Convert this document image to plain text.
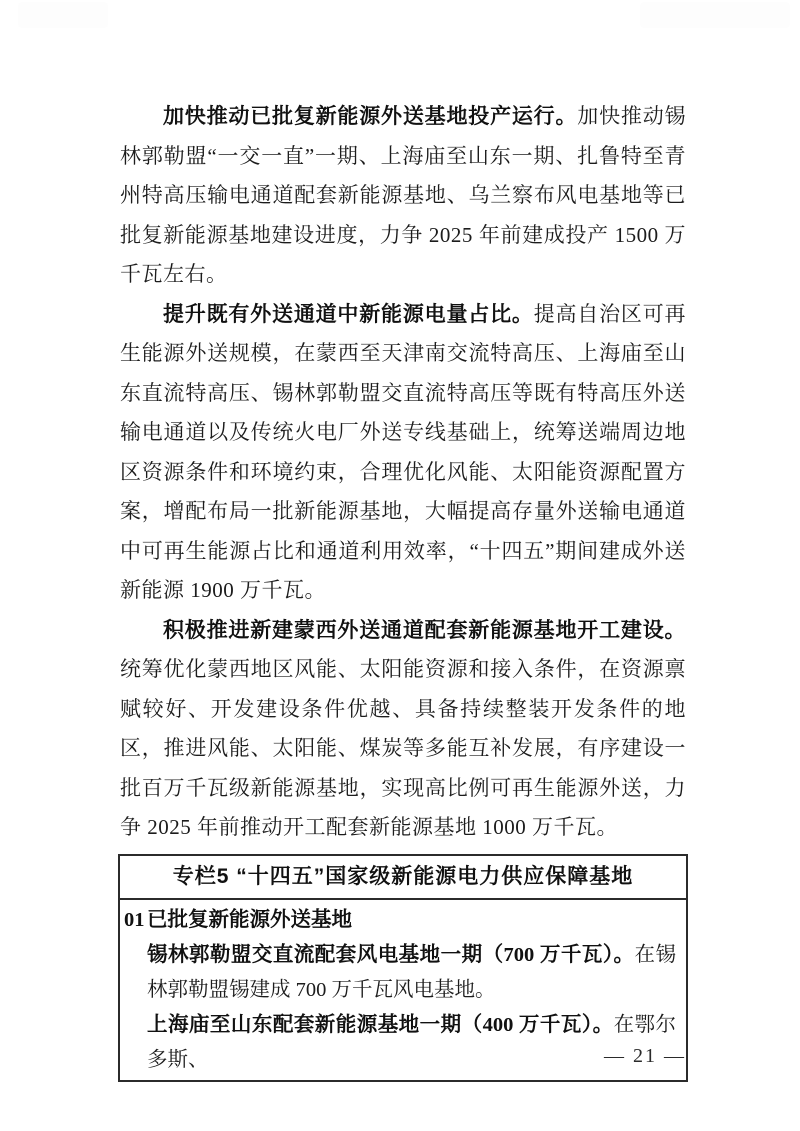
加快推动已批复新能源外送基地投产运行。加快推动锡林郭勒盟“一交一直”一期、上海庙至山东一期、扎鲁特至青州特高压输电通道配套新能源基地、乌兰察布风电基地等已批复新能源基地建设进度，力争 2025 年前建成投产 1500 万千瓦左右。

提升既有外送通道中新能源电量占比。提高自治区可再生能源外送规模，在蒙西至天津南交流特高压、上海庙至山东直流特高压、锡林郭勒盟交直流特高压等既有特高压外送输电通道以及传统火电厂外送专线基础上，统筹送端周边地区资源条件和环境约束，合理优化风能、太阳能资源配置方案，增配布局一批新能源基地，大幅提高存量外送输电通道中可再生能源占比和通道利用效率，“十四五”期间建成外送新能源 1900 万千瓦。

积极推进新建蒙西外送通道配套新能源基地开工建设。统筹优化蒙西地区风能、太阳能资源和接入条件，在资源禀赋较好、开发建设条件优越、具备持续整装开发条件的地区，推进风能、太阳能、煤炭等多能互补发展，有序建设一批百万千瓦级新能源基地，实现高比例可再生能源外送，力争 2025 年前推动开工配套新能源基地 1000 万千瓦。

专栏5 “十四五”国家级新能源电力供应保障基地
01 已批复新能源外送基地

锡林郭勒盟交直流配套风电基地一期（700 万千瓦）。在锡林郭勒盟锡建成 700 万千瓦风电基地。

上海庙至山东配套新能源基地一期（400 万千瓦）。在鄂尔多斯、	— 21 —
